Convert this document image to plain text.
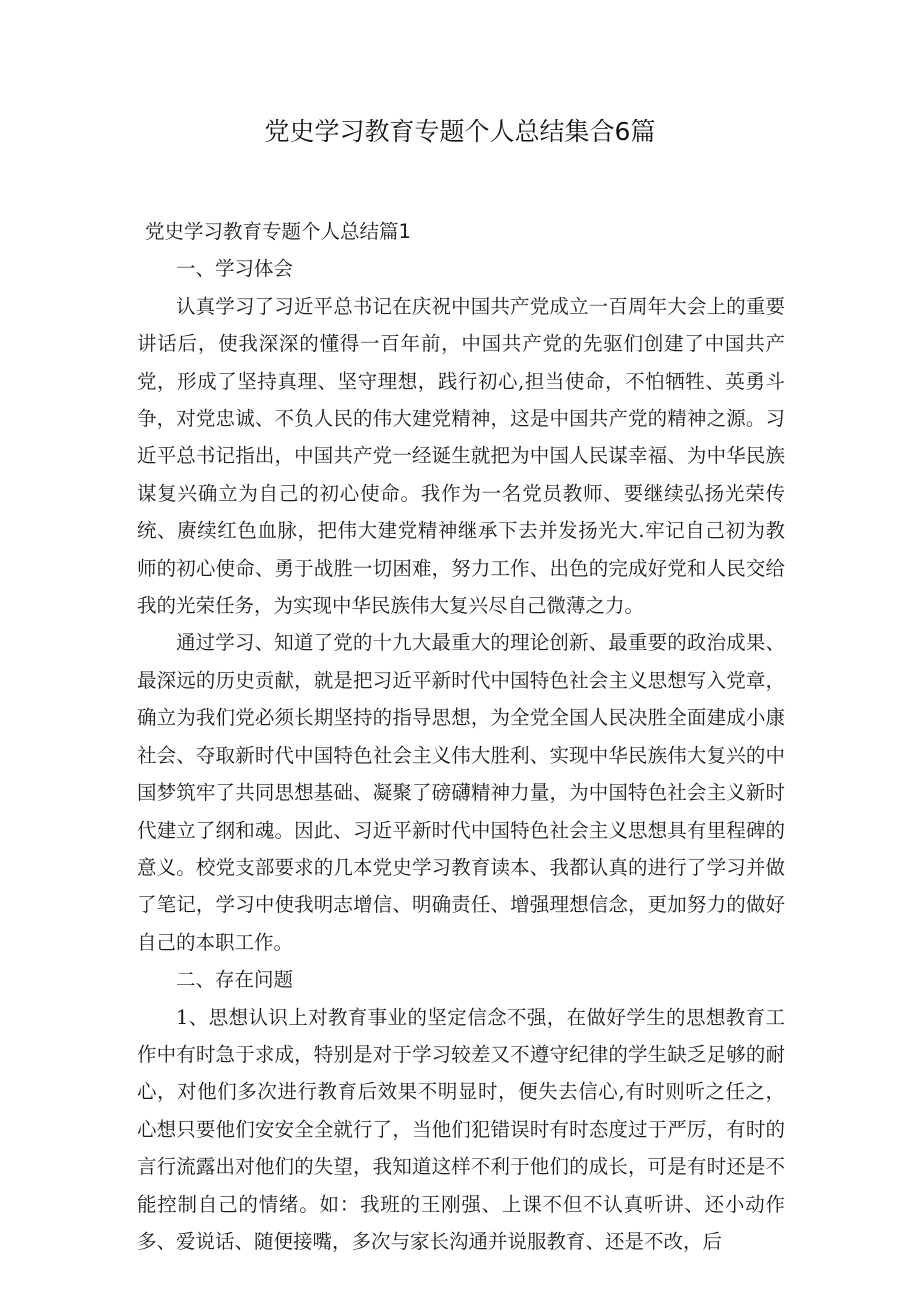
党史学习教育专题个人总结集合6篇

党史学习教育专题个人总结篇1

一、学习体会

认真学习了习近平总书记在庆祝中国共产党成立一百周年大会上的重要讲话后，使我深深的懂得一百年前，中国共产党的先驱们创建了中国共产党，形成了坚持真理、坚守理想，践行初心,担当使命，不怕牺牲、英勇斗争，对党忠诚、不负人民的伟大建党精神，这是中国共产党的精神之源。习近平总书记指出，中国共产党一经诞生就把为中国人民谋幸福、为中华民族谋复兴确立为自己的初心使命。我作为一名党员教师、要继续弘扬光荣传统、赓续红色血脉，把伟大建党精神继承下去并发扬光大.牢记自己初为教师的初心使命、勇于战胜一切困难，努力工作、出色的完成好党和人民交给我的光荣任务，为实现中华民族伟大复兴尽自己微薄之力。

通过学习、知道了党的十九大最重大的理论创新、最重要的政治成果、最深远的历史贡献，就是把习近平新时代中国特色社会主义思想写入党章，确立为我们党必须长期坚持的指导思想，为全党全国人民决胜全面建成小康社会、夺取新时代中国特色社会主义伟大胜利、实现中华民族伟大复兴的中国梦筑牢了共同思想基础、凝聚了磅礴精神力量，为中国特色社会主义新时代建立了纲和魂。因此、习近平新时代中国特色社会主义思想具有里程碑的意义。校党支部要求的几本党史学习教育读本、我都认真的进行了学习并做了笔记，学习中使我明志增信、明确责任、增强理想信念，更加努力的做好自己的本职工作。

二、存在问题

1、思想认识上对教育事业的坚定信念不强，在做好学生的思想教育工作中有时急于求成，特别是对于学习较差又不遵守纪律的学生缺乏足够的耐心，对他们多次进行教育后效果不明显时，便失去信心,有时则听之任之，心想只要他们安安全全就行了，当他们犯错误时有时态度过于严厉，有时的言行流露出对他们的失望，我知道这样不利于他们的成长，可是有时还是不能控制自己的情绪。如：我班的王刚强、上课不但不认真听讲、还小动作多、爱说话、随便接嘴，多次与家长沟通并说服教育、还是不改，后
